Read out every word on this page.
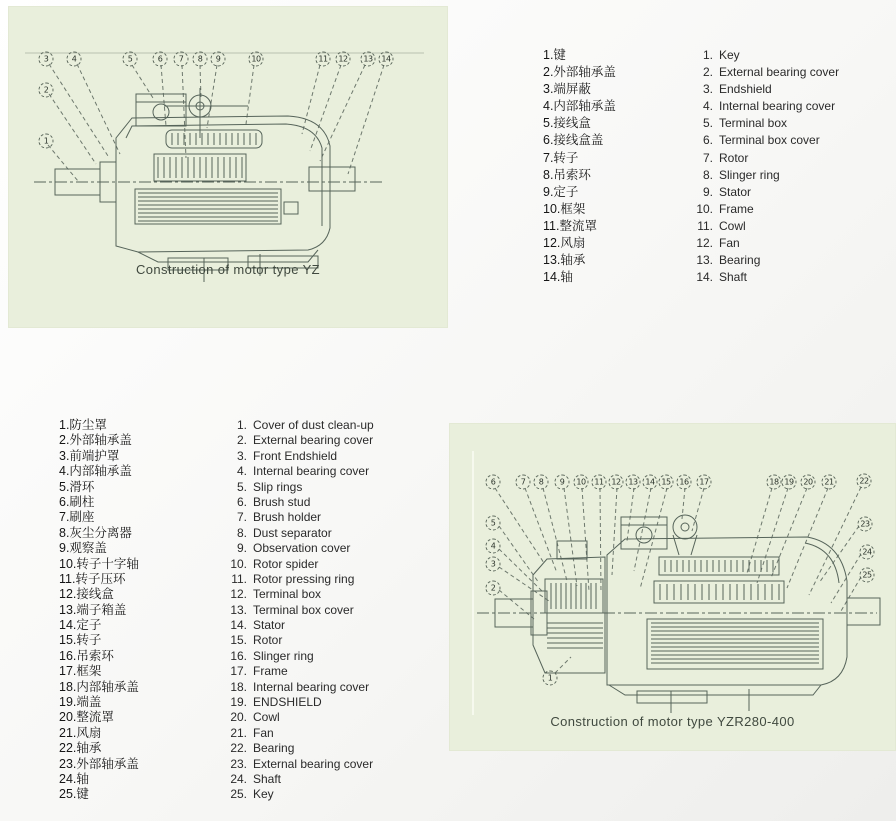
1
2
3	4	5	6	7	8	9	10	11	12	13	14
Construction of motor type YZ
1.键	1. Key
2.外部轴承盖	2. External bearing cover
3.端屏蔽	3. Endshield
4.内部轴承盖	4. Internal bearing cover
5.接线盒	5. Terminal box
6.接线盒盖	6. Terminal box cover
7.转子	7. Rotor
8.吊索环	8. Slinger ring
9.定子	9. Stator
10.框架	10. Frame
11.整流罩	11. Cowl
12.风扇	12. Fan
13.轴承	13. Bearing
14.轴	14. Shaft
1.防尘罩	1. Cover of dust clean-up
2.外部轴承盖	2. External bearing cover
3.前端护罩	3. Front Endshield
4.内部轴承盖	4. Internal bearing cover
5.滑环	5. Slip rings
6.刷柱	6. Brush stud
7.刷座	7. Brush holder
8.灰尘分离器	8. Dust separator
9.观察盖	9. Observation cover
10.转子十字轴	10. Rotor spider
11.转子压环	11. Rotor pressing ring
12.接线盒	12. Terminal box
13.端子箱盖	13. Terminal box cover
14.定子	14. Stator
15.转子	15. Rotor
16.吊索环	16. Slinger ring
17.框架	17. Frame
18.内部轴承盖	18. Internal bearing cover
19.端盖	19. ENDSHIELD
20.整流罩	20. Cowl
21.风扇	21. Fan
22.轴承	22. Bearing
23.外部轴承盖	23. External bearing cover
24.轴	24. Shaft
25.键	25. Key
1
2
3
4
5
6	7	8	9	10	11 12 13 14 15	16	17	18 19	20	21	22
23
24
25
Construction of motor type YZR280-400
